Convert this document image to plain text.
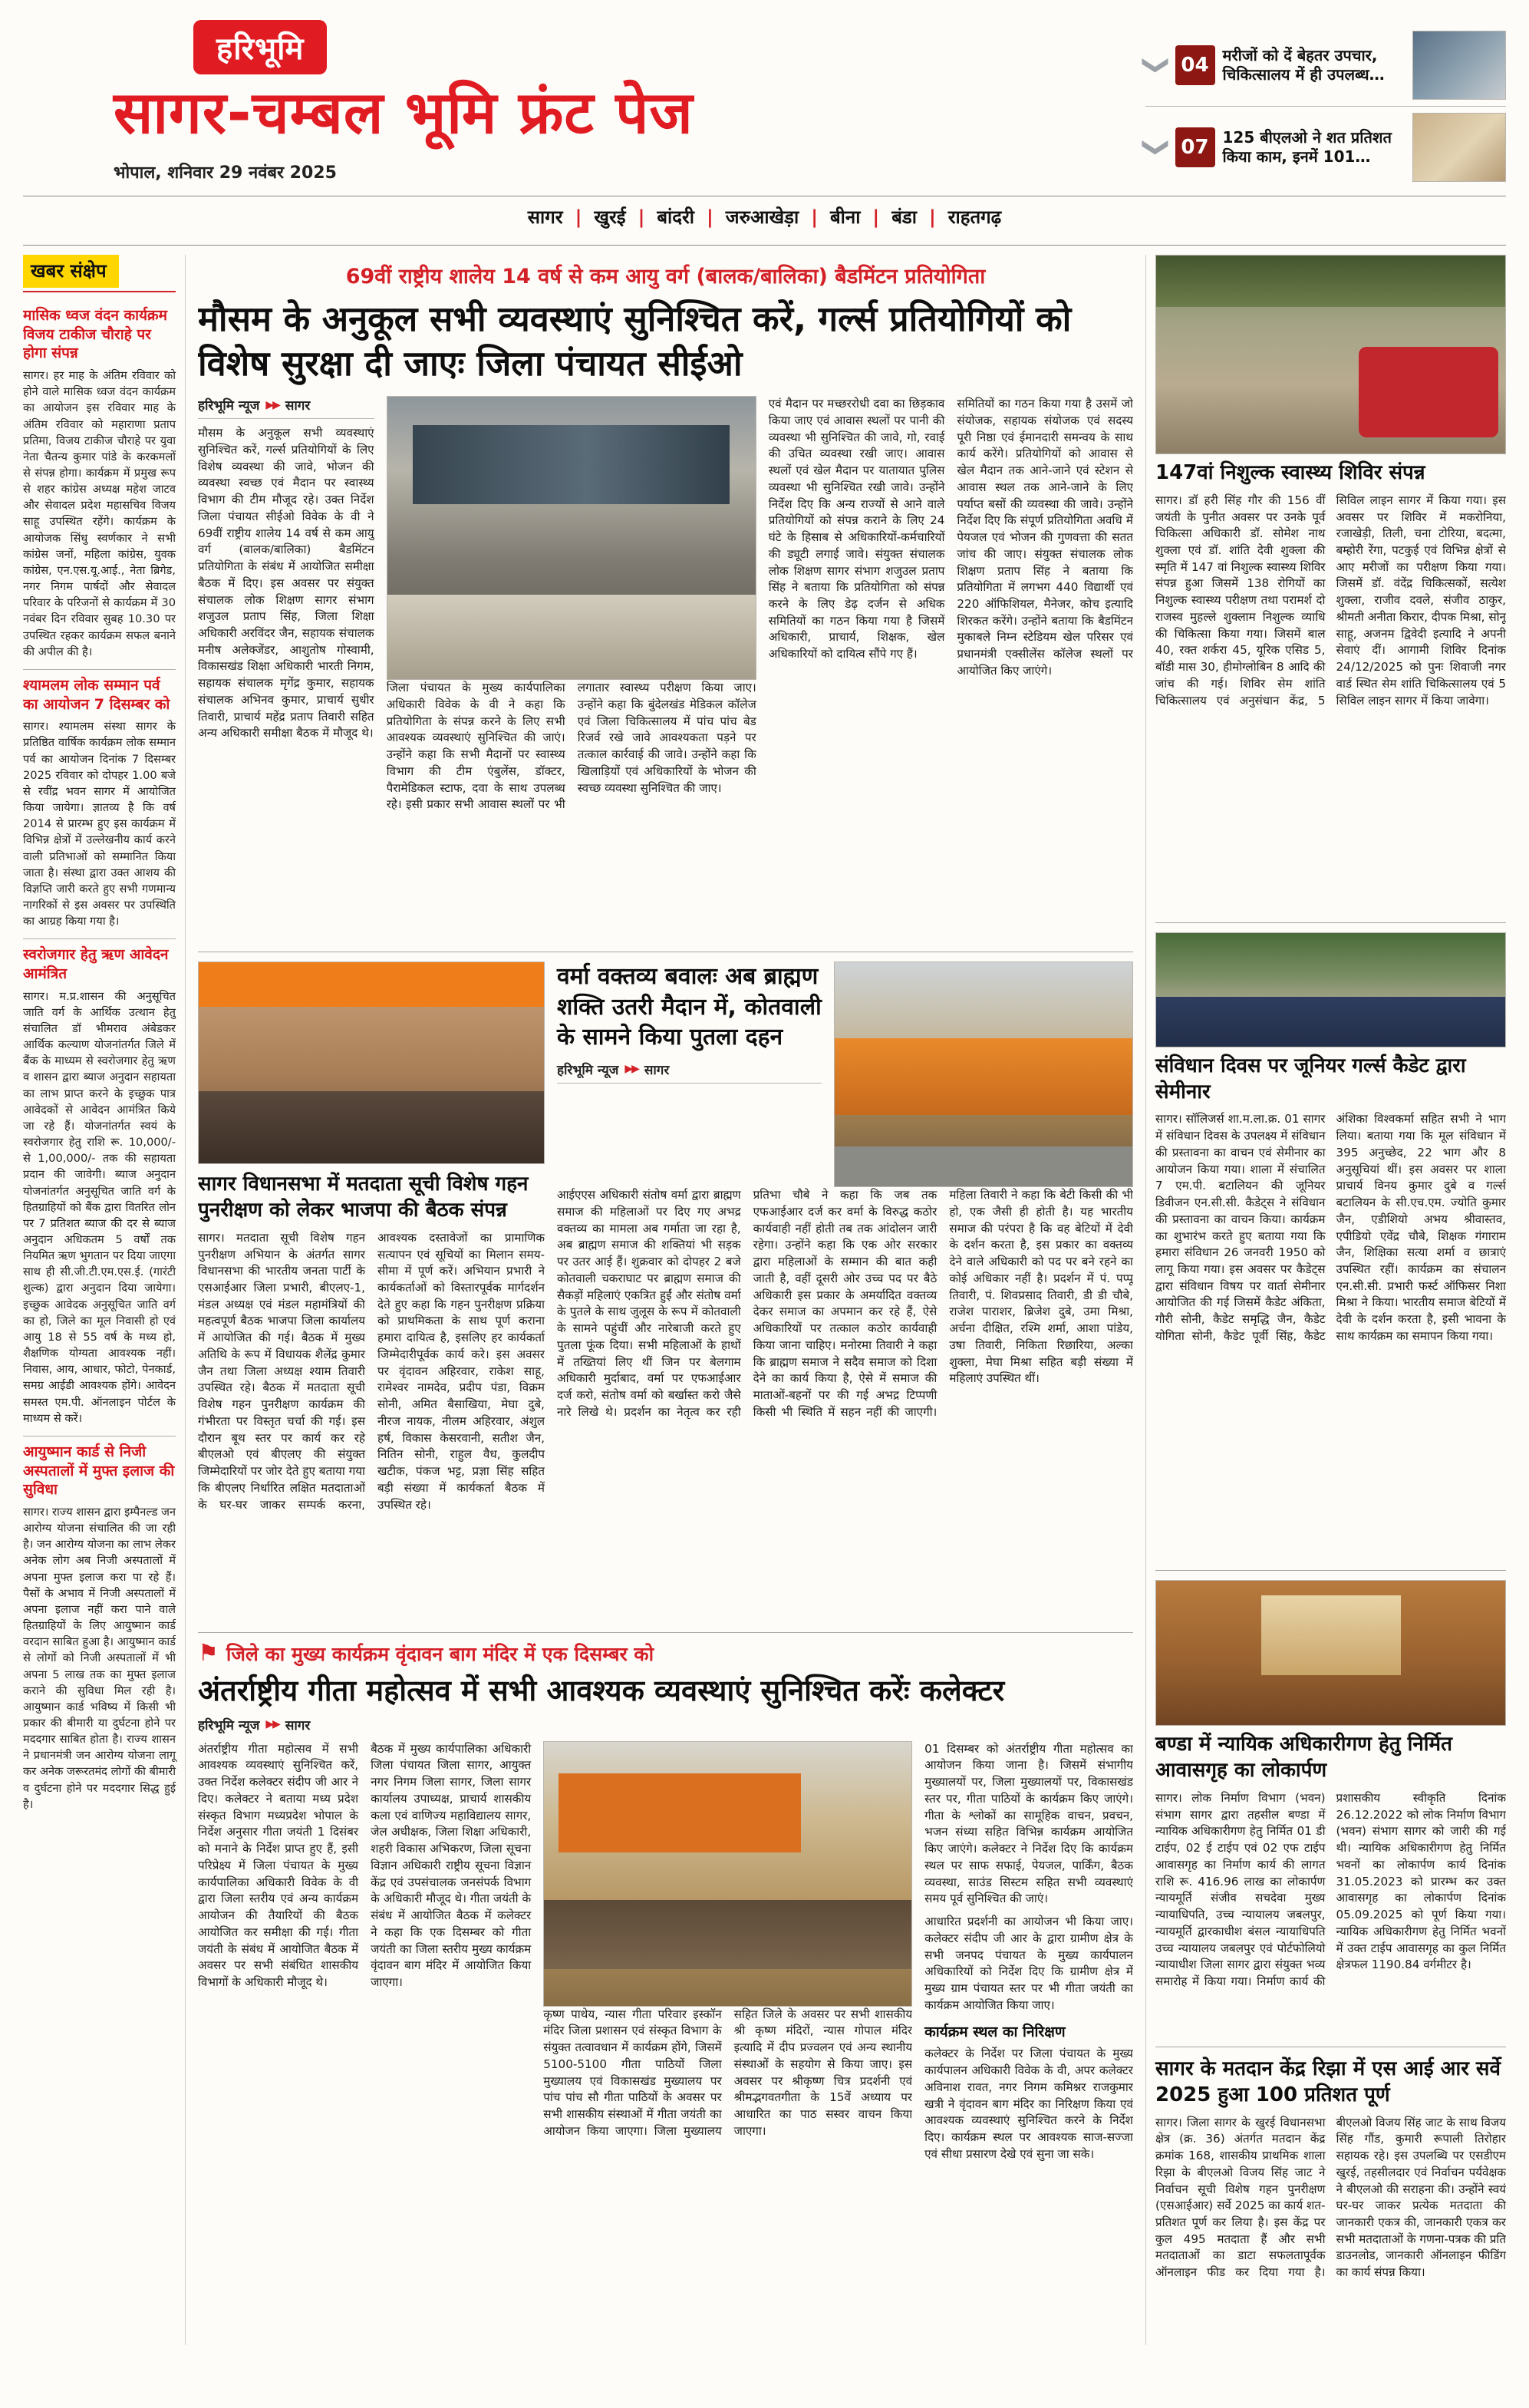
हरिभूमि
सागर-चम्बल भूमि फ्रंट पेज
भोपाल, शनिवार 29 नवंबर 2025
❯ 04 मरीजों को दें बेहतर उपचार, चिकित्सालय में ही उपलब्ध…
❯ 07 125 बीएलओ ने शत प्रतिशत किया काम, इनमें 101…
सागर	| खुरई	| बांदरी	| जरुआखेड़ा	| बीना	| बंडा	| राहतगढ़
खबर संक्षेप
मासिक ध्वज वंदन कार्यक्रम विजय टाकीज चौराहे पर होगा संपन्न

सागर। हर माह के अंतिम रविवार को होने वाले मासिक ध्वज वंदन कार्यक्रम का आयोजन इस रविवार माह के अंतिम रविवार को महाराणा प्रताप प्रतिमा, विजय टाकीज चौराहे पर युवा नेता चैतन्य कुमार पांडे के करकमलों से संपन्न होगा। कार्यक्रम में प्रमुख रूप से शहर कांग्रेस अध्यक्ष महेश जाटव और सेवादल प्रदेश महासचिव विजय साहू उपस्थित रहेंगे। कार्यक्रम के आयोजक सिंधु स्वर्णकार ने सभी कांग्रेस जनों, महिला कांग्रेस, युवक कांग्रेस, एन.एस.यू.आई., नेता ब्रिगेड, नगर निगम पार्षदों और सेवादल परिवार के परिजनों से कार्यक्रम में 30 नवंबर दिन रविवार सुबह 10.30 पर उपस्थित रहकर कार्यक्रम सफल बनाने की अपील की है।

श्यामलम लोक सम्मान पर्व का आयोजन 7 दिसम्बर को

सागर। श्यामलम संस्था सागर के प्रतिष्ठित वार्षिक कार्यक्रम लोक सम्मान पर्व का आयोजन दिनांक 7 दिसम्बर 2025 रविवार को दोपहर 1.00 बजे से रवींद्र भवन सागर में आयोजित किया जायेगा। ज्ञातव्य है कि वर्ष 2014 से प्रारम्भ हुए इस कार्यक्रम में विभिन्न क्षेत्रों में उल्लेखनीय कार्य करने वाली प्रतिभाओं को सम्मानित किया जाता है। संस्था द्वारा उक्त आशय की विज्ञप्ति जारी करते हुए सभी गणमान्य नागरिकों से इस अवसर पर उपस्थिति का आग्रह किया गया है।

स्वरोजगार हेतु ऋण आवेदन आमंत्रित

सागर। म.प्र.शासन की अनुसूचित जाति वर्ग के आर्थिक उत्थान हेतु संचालित डॉ भीमराव अंबेडकर आर्थिक कल्याण योजनांतर्गत जिले में बैंक के माध्यम से स्वरोजगार हेतु ऋण व शासन द्वारा ब्याज अनुदान सहायता का लाभ प्राप्त करने के इच्छुक पात्र आवेदकों से आवेदन आमंत्रित किये जा रहे हैं। योजनांतर्गत स्वयं के स्वरोजगार हेतु राशि रू. 10,000/- से 1,00,000/- तक की सहायता प्रदान की जावेगी। ब्याज अनुदान योजनांतर्गत अनुसूचित जाति वर्ग के हितग्राहियों को बैंक द्वारा वितरित लोन पर 7 प्रतिशत ब्याज की दर से ब्याज अनुदान अधिकतम 5 वर्षों तक नियमित ऋण भुगतान पर दिया जाएगा साथ ही सी.जी.टी.एम.एस.ई. (गारंटी शुल्क) द्वारा अनुदान दिया जायेगा। इच्छुक आवेदक अनुसूचित जाति वर्ग का हो, जिले का मूल निवासी हो एवं आयु 18 से 55 वर्ष के मध्य हो, शैक्षणिक योग्यता आवश्यक नहीं। निवास, आय, आधार, फोटो, पेनकार्ड, समग्र आईडी आवश्यक होंगे। आवेदन समस्त एम.पी. ऑनलाइन पोर्टल के माध्यम से करें।

आयुष्मान कार्ड से निजी अस्पतालों में मुफ्त इलाज की सुविधा

सागर। राज्य शासन द्वारा इम्पैनल्ड जन आरोग्य योजना संचालित की जा रही है। जन आरोग्य योजना का लाभ लेकर अनेक लोग अब निजी अस्पतालों में अपना मुफ्त इलाज करा पा रहे हैं। पैसों के अभाव में निजी अस्पतालों में अपना इलाज नहीं करा पाने वाले हितग्राहियों के लिए आयुष्मान कार्ड वरदान साबित हुआ है। आयुष्मान कार्ड से लोगों को निजी अस्पतालों में भी अपना 5 लाख तक का मुफ्त इलाज कराने की सुविधा मिल रही है। आयुष्मान कार्ड भविष्य में किसी भी प्रकार की बीमारी या दुर्घटना होने पर मददगार साबित होता है। राज्य शासन ने प्रधानमंत्री जन आरोग्य योजना लागू कर अनेक जरूरतमंद लोगों की बीमारी व दुर्घटना होने पर मददगार सिद्ध हुई है।

69वीं राष्ट्रीय शालेय 14 वर्ष से कम आयु वर्ग (बालक/बालिका) बैडमिंटन प्रतियोगिता
मौसम के अनुकूल सभी व्यवस्थाएं सुनिश्चित करें, गर्ल्स प्रतियोगियों को विशेष सुरक्षा दी जाएः जिला पंचायत सीईओ
हरिभूमि न्यूज ▶▶ सागर

मौसम के अनुकूल सभी व्यवस्थाएं सुनिश्चित करें, गर्ल्स प्रतियोगियों के लिए विशेष व्यवस्था की जावे, भोजन की व्यवस्था स्वच्छ एवं मैदान पर स्वास्थ्य विभाग की टीम मौजूद रहे। उक्त निर्देश जिला पंचायत सीईओ विवेक के वी ने 69वीं राष्ट्रीय शालेय 14 वर्ष से कम आयु वर्ग (बालक/बालिका) बैडमिंटन प्रतियोगिता के संबंध में आयोजित समीक्षा बैठक में दिए। इस अवसर पर संयुक्त संचालक लोक शिक्षण सागर संभाग शजुउल प्रताप सिंह, जिला शिक्षा अधिकारी अरविंदर जैन, सहायक संचालक मनीष अलेक्जेंडर, आशुतोष गोस्वामी, विकासखंड शिक्षा अधिकारी भारती निगम, सहायक संचालक मृगेंद्र कुमार, सहायक संचालक अभिनव कुमार, प्राचार्य सुधीर तिवारी, प्राचार्य महेंद्र प्रताप तिवारी सहित अन्य अधिकारी समीक्षा बैठक में मौजूद थे।

जिला पंचायत के मुख्य कार्यपालिका अधिकारी विवेक के वी ने कहा कि प्रतियोगिता के संपन्न करने के लिए सभी आवश्यक व्यवस्थाएं सुनिश्चित की जाएं। उन्होंने कहा कि सभी मैदानों पर स्वास्थ्य विभाग की टीम एंबुलेंस, डॉक्टर, पैरामेडिकल स्टाफ, दवा के साथ उपलब्ध रहे। इसी प्रकार सभी आवास स्थलों पर भी लगातार स्वास्थ्य परीक्षण किया जाए। उन्होंने कहा कि बुंदेलखंड मेडिकल कॉलेज एवं जिला चिकित्सालय में पांच पांच बेड रिजर्व रखे जावे आवश्यकता पड़ने पर तत्काल कार्रवाई की जावे। उन्होंने कहा कि खिलाड़ियों एवं अधिकारियों के भोजन की स्वच्छ व्यवस्था सुनिश्चित की जाए।

एवं मैदान पर मच्छररोधी दवा का छिड़काव किया जाए एवं आवास स्थलों पर पानी की व्यवस्था भी सुनिश्चित की जावे, गो, रवाई की उचित व्यवस्था रखी जाए। आवास स्थलों एवं खेल मैदान पर यातायात पुलिस व्यवस्था भी सुनिश्चित रखी जावे। उन्होंने निर्देश दिए कि अन्य राज्यों से आने वाले प्रतियोगियों को संपन्न कराने के लिए 24 घंटे के हिसाब से अधिकारियों-कर्मचारियों की ड्यूटी लगाई जावे। संयुक्त संचालक लोक शिक्षण सागर संभाग शजुउल प्रताप सिंह ने बताया कि प्रतियोगिता को संपन्न करने के लिए डेढ़ दर्जन से अधिक समितियों का गठन किया गया है जिसमें अधिकारी, प्राचार्य, शिक्षक, खेल अधिकारियों को दायित्व सौंपे गए हैं।

समितियों का गठन किया गया है उसमें जो संयोजक, सहायक संयोजक एवं सदस्य पूरी निष्ठा एवं ईमानदारी समन्वय के साथ कार्य करेंगे। प्रतियोगियों को आवास से खेल मैदान तक आने-जाने एवं स्टेशन से आवास स्थल तक आने-जाने के लिए पर्याप्त बसों की व्यवस्था की जावे। उन्होंने निर्देश दिए कि संपूर्ण प्रतियोगिता अवधि में पेयजल एवं भोजन की गुणवत्ता की सतत जांच की जाए। संयुक्त संचालक लोक शिक्षण प्रताप सिंह ने बताया कि प्रतियोगिता में लगभग 440 विद्यार्थी एवं 220 ऑफिशियल, मैनेजर, कोच इत्यादि शिरकत करेंगे। उन्होंने बताया कि बैडमिंटन मुकाबले निम्न स्टेडियम खेल परिसर एवं प्रधानमंत्री एक्सीलेंस कॉलेज स्थलों पर आयोजित किए जाएंगे।

सागर विधानसभा में मतदाता सूची विशेष गहन पुनरीक्षण को लेकर भाजपा की बैठक संपन्न

सागर। मतदाता सूची विशेष गहन पुनरीक्षण अभियान के अंतर्गत सागर विधानसभा की भारतीय जनता पार्टी के एसआईआर जिला प्रभारी, बीएलए-1, मंडल अध्यक्ष एवं मंडल महामंत्रियों की महत्वपूर्ण बैठक भाजपा जिला कार्यालय में आयोजित की गई। बैठक में मुख्य अतिथि के रूप में विधायक शैलेंद्र कुमार जैन तथा जिला अध्यक्ष श्याम तिवारी उपस्थित रहे। बैठक में मतदाता सूची विशेष गहन पुनरीक्षण कार्यक्रम की गंभीरता पर विस्तृत चर्चा की गई। इस दौरान बूथ स्तर पर कार्य कर रहे बीएलओ एवं बीएलए की संयुक्त जिम्मेदारियों पर जोर देते हुए बताया गया कि बीएलए निर्धारित लक्षित मतदाताओं के घर-घर जाकर सम्पर्क करना, आवश्यक दस्तावेजों का प्रामाणिक सत्यापन एवं सूचियों का मिलान समय-सीमा में पूर्ण करें। अभियान प्रभारी ने कार्यकर्ताओं को विस्तारपूर्वक मार्गदर्शन देते हुए कहा कि गहन पुनरीक्षण प्रक्रिया को प्राथमिकता के साथ पूर्ण कराना हमारा दायित्व है, इसलिए हर कार्यकर्ता जिम्मेदारीपूर्वक कार्य करे। इस अवसर पर वृंदावन अहिरवार, राकेश साहू, रामेश्वर नामदेव, प्रदीप पंडा, विक्रम सोनी, अमित बैसाखिया, मेघा दुबे, नीरज नायक, नीलम अहिरवार, अंशुल हर्ष, विकास केसरवानी, सतीश जैन, नितिन सोनी, राहुल वैध, कुलदीप खटीक, पंकज भट्ट, प्रज्ञा सिंह सहित बड़ी संख्या में कार्यकर्ता बैठक में उपस्थित रहे।

वर्मा वक्तव्य बवालः अब ब्राह्मण शक्ति उतरी मैदान में, कोतवाली के सामने किया पुतला दहन
हरिभूमि न्यूज ▶▶ सागर

आईएएस अधिकारी संतोष वर्मा द्वारा ब्राह्मण समाज की महिलाओं पर दिए गए अभद्र वक्तव्य का मामला अब गर्माता जा रहा है, अब ब्राह्मण समाज की शक्तियां भी सड़क पर उतर आई हैं। शुक्रवार को दोपहर 2 बजे कोतवाली चकराघाट पर ब्राह्मण समाज की सैकड़ों महिलाएं एकत्रित हुईं और संतोष वर्मा के पुतले के साथ जुलूस के रूप में कोतवाली के सामने पहुंचीं और नारेबाजी करते हुए पुतला फूंक दिया। सभी महिलाओं के हाथों में तख्तियां लिए थीं जिन पर बेलगाम अधिकारी मुर्दाबाद, वर्मा पर एफआईआर दर्ज करो, संतोष वर्मा को बर्खास्त करो जैसे नारे लिखे थे। प्रदर्शन का नेतृत्व कर रही प्रतिभा चौबे ने कहा कि जब तक एफआईआर दर्ज कर वर्मा के विरुद्ध कठोर कार्यवाही नहीं होती तब तक आंदोलन जारी रहेगा। उन्होंने कहा कि एक ओर सरकार द्वारा महिलाओं के सम्मान की बात कही जाती है, वहीं दूसरी ओर उच्च पद पर बैठे अधिकारी इस प्रकार के अमर्यादित वक्तव्य देकर समाज का अपमान कर रहे हैं, ऐसे अधिकारियों पर तत्काल कठोर कार्यवाही किया जाना चाहिए। मनोरमा तिवारी ने कहा कि ब्राह्मण समाज ने सदैव समाज को दिशा देने का कार्य किया है, ऐसे में समाज की माताओं-बहनों पर की गई अभद्र टिप्पणी किसी भी स्थिति में सहन नहीं की जाएगी। महिला तिवारी ने कहा कि बेटी किसी की भी हो, एक जैसी ही होती है। यह भारतीय समाज की परंपरा है कि वह बेटियों में देवी के दर्शन करता है, इस प्रकार का वक्तव्य देने वाले अधिकारी को पद पर बने रहने का कोई अधिकार नहीं है। प्रदर्शन में पं. पप्पू तिवारी, पं. शिवप्रसाद तिवारी, डी डी चौबे, राजेश पाराशर, ब्रिजेश दुबे, उमा मिश्रा, अर्चना दीक्षित, रश्मि शर्मा, आशा पांडेय, उषा तिवारी, निकिता रिछारिया, अल्का शुक्ला, मेघा मिश्रा सहित बड़ी संख्या में महिलाएं उपस्थित थीं।

⚑ जिले का मुख्य कार्यक्रम वृंदावन बाग मंदिर में एक दिसम्बर को
अंतर्राष्ट्रीय गीता महोत्सव में सभी आवश्यक व्यवस्थाएं सुनिश्चित करेंः कलेक्टर
हरिभूमि न्यूज ▶▶ सागर

अंतर्राष्ट्रीय गीता महोत्सव में सभी आवश्यक व्यवस्थाएं सुनिश्चित करें, उक्त निर्देश कलेक्टर संदीप जी आर ने दिए। कलेक्टर ने बताया मध्य प्रदेश संस्कृत विभाग मध्यप्रदेश भोपाल के निर्देश अनुसार गीता जयंती 1 दिसंबर को मनाने के निर्देश प्राप्त हुए हैं, इसी परिप्रेक्ष्य में जिला पंचायत के मुख्य कार्यपालिका अधिकारी विवेक के वी द्वारा जिला स्तरीय एवं अन्य कार्यक्रम आयोजन की तैयारियों की बैठक आयोजित कर समीक्षा की गई। गीता जयंती के संबंध में आयोजित बैठक में अवसर पर सभी संबंधित शासकीय विभागों के अधिकारी मौजूद थे।

बैठक में मुख्य कार्यपालिका अधिकारी जिला पंचायत जिला सागर, आयुक्त नगर निगम जिला सागर, जिला सागर कार्यालय उपाध्यक्ष, प्राचार्य शासकीय कला एवं वाणिज्य महाविद्यालय सागर, जेल अधीक्षक, जिला शिक्षा अधिकारी, शहरी विकास अभिकरण, जिला सूचना विज्ञान अधिकारी राष्ट्रीय सूचना विज्ञान केंद्र एवं उपसंचालक जनसंपर्क विभाग के अधिकारी मौजूद थे। गीता जयंती के संबंध में आयोजित बैठक में कलेक्टर ने कहा कि एक दिसम्बर को गीता जयंती का जिला स्तरीय मुख्य कार्यक्रम वृंदावन बाग मंदिर में आयोजित किया जाएगा।

कृष्ण पाथेय, न्यास गीता परिवार इस्कॉन मंदिर जिला प्रशासन एवं संस्कृत विभाग के संयुक्त तत्वावधान में कार्यक्रम होंगे, जिसमें 5100-5100 गीता पाठियों जिला मुख्यालय एवं विकासखंड मुख्यालय पर पांच पांच सौ गीता पाठियों के अवसर पर सभी शासकीय संस्थाओं में गीता जयंती का आयोजन किया जाएगा। जिला मुख्यालय सहित जिले के अवसर पर सभी शासकीय श्री कृष्ण मंदिरों, न्यास गोपाल मंदिर इत्यादि में दीप प्रज्वलन एवं अन्य स्थानीय संस्थाओं के सहयोग से किया जाए। इस अवसर पर श्रीकृष्ण चित्र प्रदर्शनी एवं श्रीमद्भगवतगीता के 15वें अध्याय पर आधारित का पाठ सस्वर वाचन किया जाएगा।

01 दिसम्बर को अंतर्राष्ट्रीय गीता महोत्सव का आयोजन किया जाना है। जिसमें संभागीय मुख्यालयों पर, जिला मुख्यालयों पर, विकासखंड स्तर पर, गीता पाठियों के कार्यक्रम किए जाएंगे। गीता के श्लोकों का सामूहिक वाचन, प्रवचन, भजन संध्या सहित विभिन्न कार्यक्रम आयोजित किए जाएंगे। कलेक्टर ने निर्देश दिए कि कार्यक्रम स्थल पर साफ सफाई, पेयजल, पार्किंग, बैठक व्यवस्था, साउंड सिस्टम सहित सभी व्यवस्थाएं समय पूर्व सुनिश्चित की जाएं।

आधारित प्रदर्शनी का आयोजन भी किया जाए। कलेक्टर संदीप जी आर के द्वारा ग्रामीण क्षेत्र के सभी जनपद पंचायत के मुख्य कार्यपालन अधिकारियों को निर्देश दिए कि ग्रामीण क्षेत्र में मुख्य ग्राम पंचायत स्तर पर भी गीता जयंती का कार्यक्रम आयोजित किया जाए।

कार्यक्रम स्थल का निरिक्षण

कलेक्टर के निर्देश पर जिला पंचायत के मुख्य कार्यपालन अधिकारी विवेक के वी, अपर कलेक्टर अविनाश रावत, नगर निगम कमिश्नर राजकुमार खत्री ने वृंदावन बाग मंदिर का निरिक्षण किया एवं आवश्यक व्यवस्थाएं सुनिश्चित करने के निर्देश दिए। कार्यक्रम स्थल पर आवश्यक साज-सज्जा एवं सीधा प्रसारण देखे एवं सुना जा सके।

147वां निशुल्क स्वास्थ्य शिविर संपन्न

सागर। डॉ हरी सिंह गौर की 156 वीं जयंती के पुनीत अवसर पर उनके पूर्व चिकित्सा अधिकारी डॉ. सोमेश नाथ शुक्ला एवं डॉ. शांति देवी शुक्ला की स्मृति में 147 वां निशुल्क स्वास्थ्य शिविर संपन्न हुआ जिसमें 138 रोगियों का निशुल्क स्वास्थ्य परीक्षण तथा परामर्श दो राजस्व मुहल्ले शुक्लाम निशुल्क व्याधि की चिकित्सा किया गया। जिसमें बाल 40, रक्त शर्करा 45, यूरिक एसिड 5, बॉडी मास 30, हीमोग्लोबिन 8 आदि की जांच की गई। शिविर सेम शांति चिकित्सालय एवं अनुसंधान केंद्र, 5 सिविल लाइन सागर में किया गया। इस अवसर पर शिविर में मकरोनिया, रजाखेड़ी, तिली, चना टोरिया, बदत्मा, बम्होरी रेंगा, पटकुई एवं विभिन्न क्षेत्रों से आए मरीजों का परीक्षण किया गया। जिसमें डॉ. वंदेंद्र चिकित्सकों, सत्येश शुक्ला, राजीव दवले, संजीव ठाकुर, श्रीमती अनीता किरार, दीपक मिश्रा, सोनू साहू, अजनम द्विवेदी इत्यादि ने अपनी सेवाएं दीं। आगामी शिविर दिनांक 24/12/2025 को पुनः शिवाजी नगर वार्ड स्थित सेम शांति चिकित्सालय एवं 5 सिविल लाइन सागर में किया जावेगा।

संविधान दिवस पर जूनियर गर्ल्स कैडेट द्वारा सेमीनार

सागर। सॉलिजर्स शा.म.ला.क्र. 01 सागर में संविधान दिवस के उपलक्ष्य में संविधान की प्रस्तावना का वाचन एवं सेमीनार का आयोजन किया गया। शाला में संचालित 7 एम.पी. बटालियन की जूनियर डिवीजन एन.सी.सी. कैडेट्स ने संविधान की प्रस्तावना का वाचन किया। कार्यक्रम का शुभारंभ करते हुए बताया गया कि हमारा संविधान 26 जनवरी 1950 को लागू किया गया। इस अवसर पर कैडेट्स द्वारा संविधान विषय पर वार्ता सेमीनार आयोजित की गई जिसमें कैडेट अंकिता, गौरी सोनी, कैडेट समृद्धि जैन, कैडेट योगिता सोनी, कैडेट पूर्वी सिंह, कैडेट अंशिका विश्वकर्मा सहित सभी ने भाग लिया। बताया गया कि मूल संविधान में 395 अनुच्छेद, 22 भाग और 8 अनुसूचियां थीं। इस अवसर पर शाला प्राचार्य विनय कुमार दुबे व गर्ल्स बटालियन के सी.एच.एम. ज्योति कुमार जैन, एडीशियो अभय श्रीवास्तव, एपीडियो एवेंद्र चौबे, शिक्षक गंगाराम जैन, शिक्षिका सत्या शर्मा व छात्राएं उपस्थित रहीं। कार्यक्रम का संचालन एन.सी.सी. प्रभारी फर्स्ट ऑफिसर निशा मिश्रा ने किया। भारतीय समाज बेटियों में देवी के दर्शन करता है, इसी भावना के साथ कार्यक्रम का समापन किया गया।

बण्डा में न्यायिक अधिकारीगण हेतु निर्मित आवासगृह का लोकार्पण

सागर। लोक निर्माण विभाग (भवन) संभाग सागर द्वारा तहसील बण्डा में न्यायिक अधिकारीगण हेतु निर्मित 01 डी टाईप, 02 ई टाईप एवं 02 एफ टाईप आवासगृह का निर्माण कार्य की लागत राशि रू. 416.96 लाख का लोकार्पण न्यायमूर्ति संजीव सचदेवा मुख्य न्यायाधिपति, उच्च न्यायालय जबलपुर, न्यायमूर्ति द्वारकाधीश बंसल न्यायाधिपति उच्च न्यायालय जबलपुर एवं पोर्टफोलियो न्यायाधीश जिला सागर द्वारा संयुक्त भव्य समारोह में किया गया। निर्माण कार्य की प्रशासकीय स्वीकृति दिनांक 26.12.2022 को लोक निर्माण विभाग (भवन) संभाग सागर को जारी की गई थी। न्यायिक अधिकारीगण हेतु निर्मित भवनों का लोकार्पण कार्य दिनांक 31.05.2023 को प्रारम्भ कर उक्त आवासगृह का लोकार्पण दिनांक 05.09.2025 को पूर्ण किया गया। न्यायिक अधिकारीगण हेतु निर्मित भवनों में उक्त टाईप आवासगृह का कुल निर्मित क्षेत्रफल 1190.84 वर्गमीटर है।

सागर के मतदान केंद्र रिझा में एस आई आर सर्वे 2025 हुआ 100 प्रतिशत पूर्ण

सागर। जिला सागर के खुरई विधानसभा क्षेत्र (क्र. 36) अंतर्गत मतदान केंद्र क्रमांक 168, शासकीय प्राथमिक शाला रिझा के बीएलओ विजय सिंह जाट ने निर्वाचन सूची विशेष गहन पुनरीक्षण (एसआईआर) सर्वे 2025 का कार्य शत-प्रतिशत पूर्ण कर लिया है। इस केंद्र पर कुल 495 मतदाता हैं और सभी मतदाताओं का डाटा सफलतापूर्वक ऑनलाइन फीड कर दिया गया है। बीएलओ विजय सिंह जाट के साथ विजय सिंह गौंड, कुमारी रूपाली तिरोहार सहायक रहे। इस उपलब्धि पर एसडीएम खुरई, तहसीलदार एवं निर्वाचन पर्यवेक्षक ने बीएलओ की सराहना की। उन्होंने स्वयं घर-घर जाकर प्रत्येक मतदाता की जानकारी एकत्र की, जानकारी एकत्र कर सभी मतदाताओं के गणना-पत्रक की प्रति डाउनलोड, जानकारी ऑनलाइन फीडिंग का कार्य संपन्न किया।
